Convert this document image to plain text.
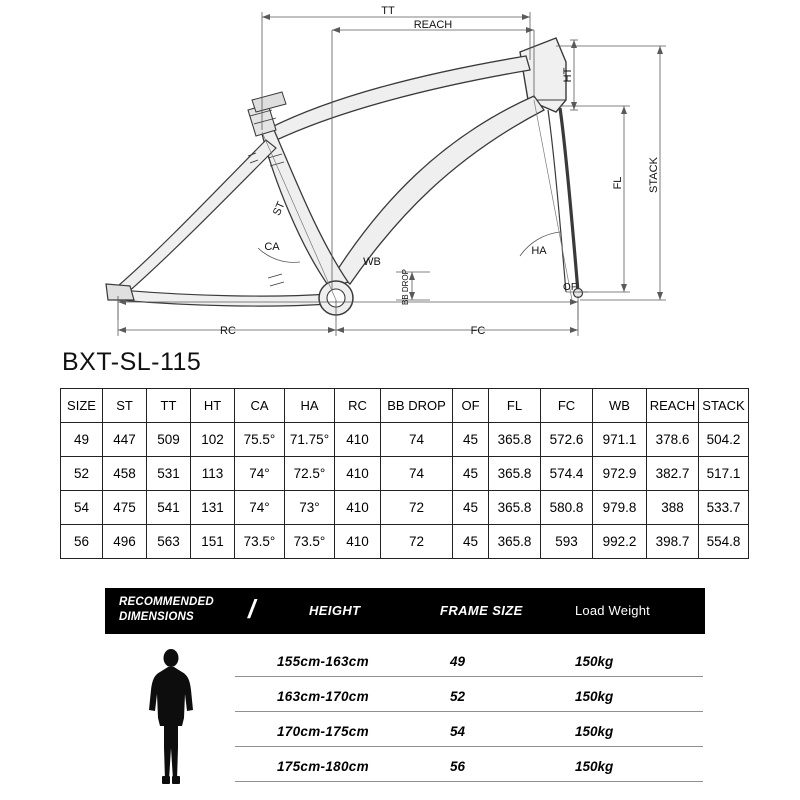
TT
REACH
HT
STACK
FL
ST
CA	HA
WB
RC	FC
BB DROP	OF
BXT-SL-115
SIZE	ST	TT	HT	CA	HA	RC	BB DROP	OF	FL	FC	WB	REACH	STACK
49	447	509	102	75.5°	71.75°	410	74	45	365.8	572.6	971.1	378.6	504.2
52	458	531	113	74°	72.5°	410	74	45	365.8	574.4	972.9	382.7	517.1
54	475	541	131	74°	73°	410	72	45	365.8	580.8	979.8	388	533.7
56	496	563	151	73.5°	73.5°	410	72	45	365.8	593	992.2	398.7	554.8
RECOMMENDED
DIMENSIONS	/	HEIGHT	FRAME SIZE	Load Weight
155cm-163cm	49	150kg
163cm-170cm	52	150kg
170cm-175cm	54	150kg
175cm-180cm	56	150kg
